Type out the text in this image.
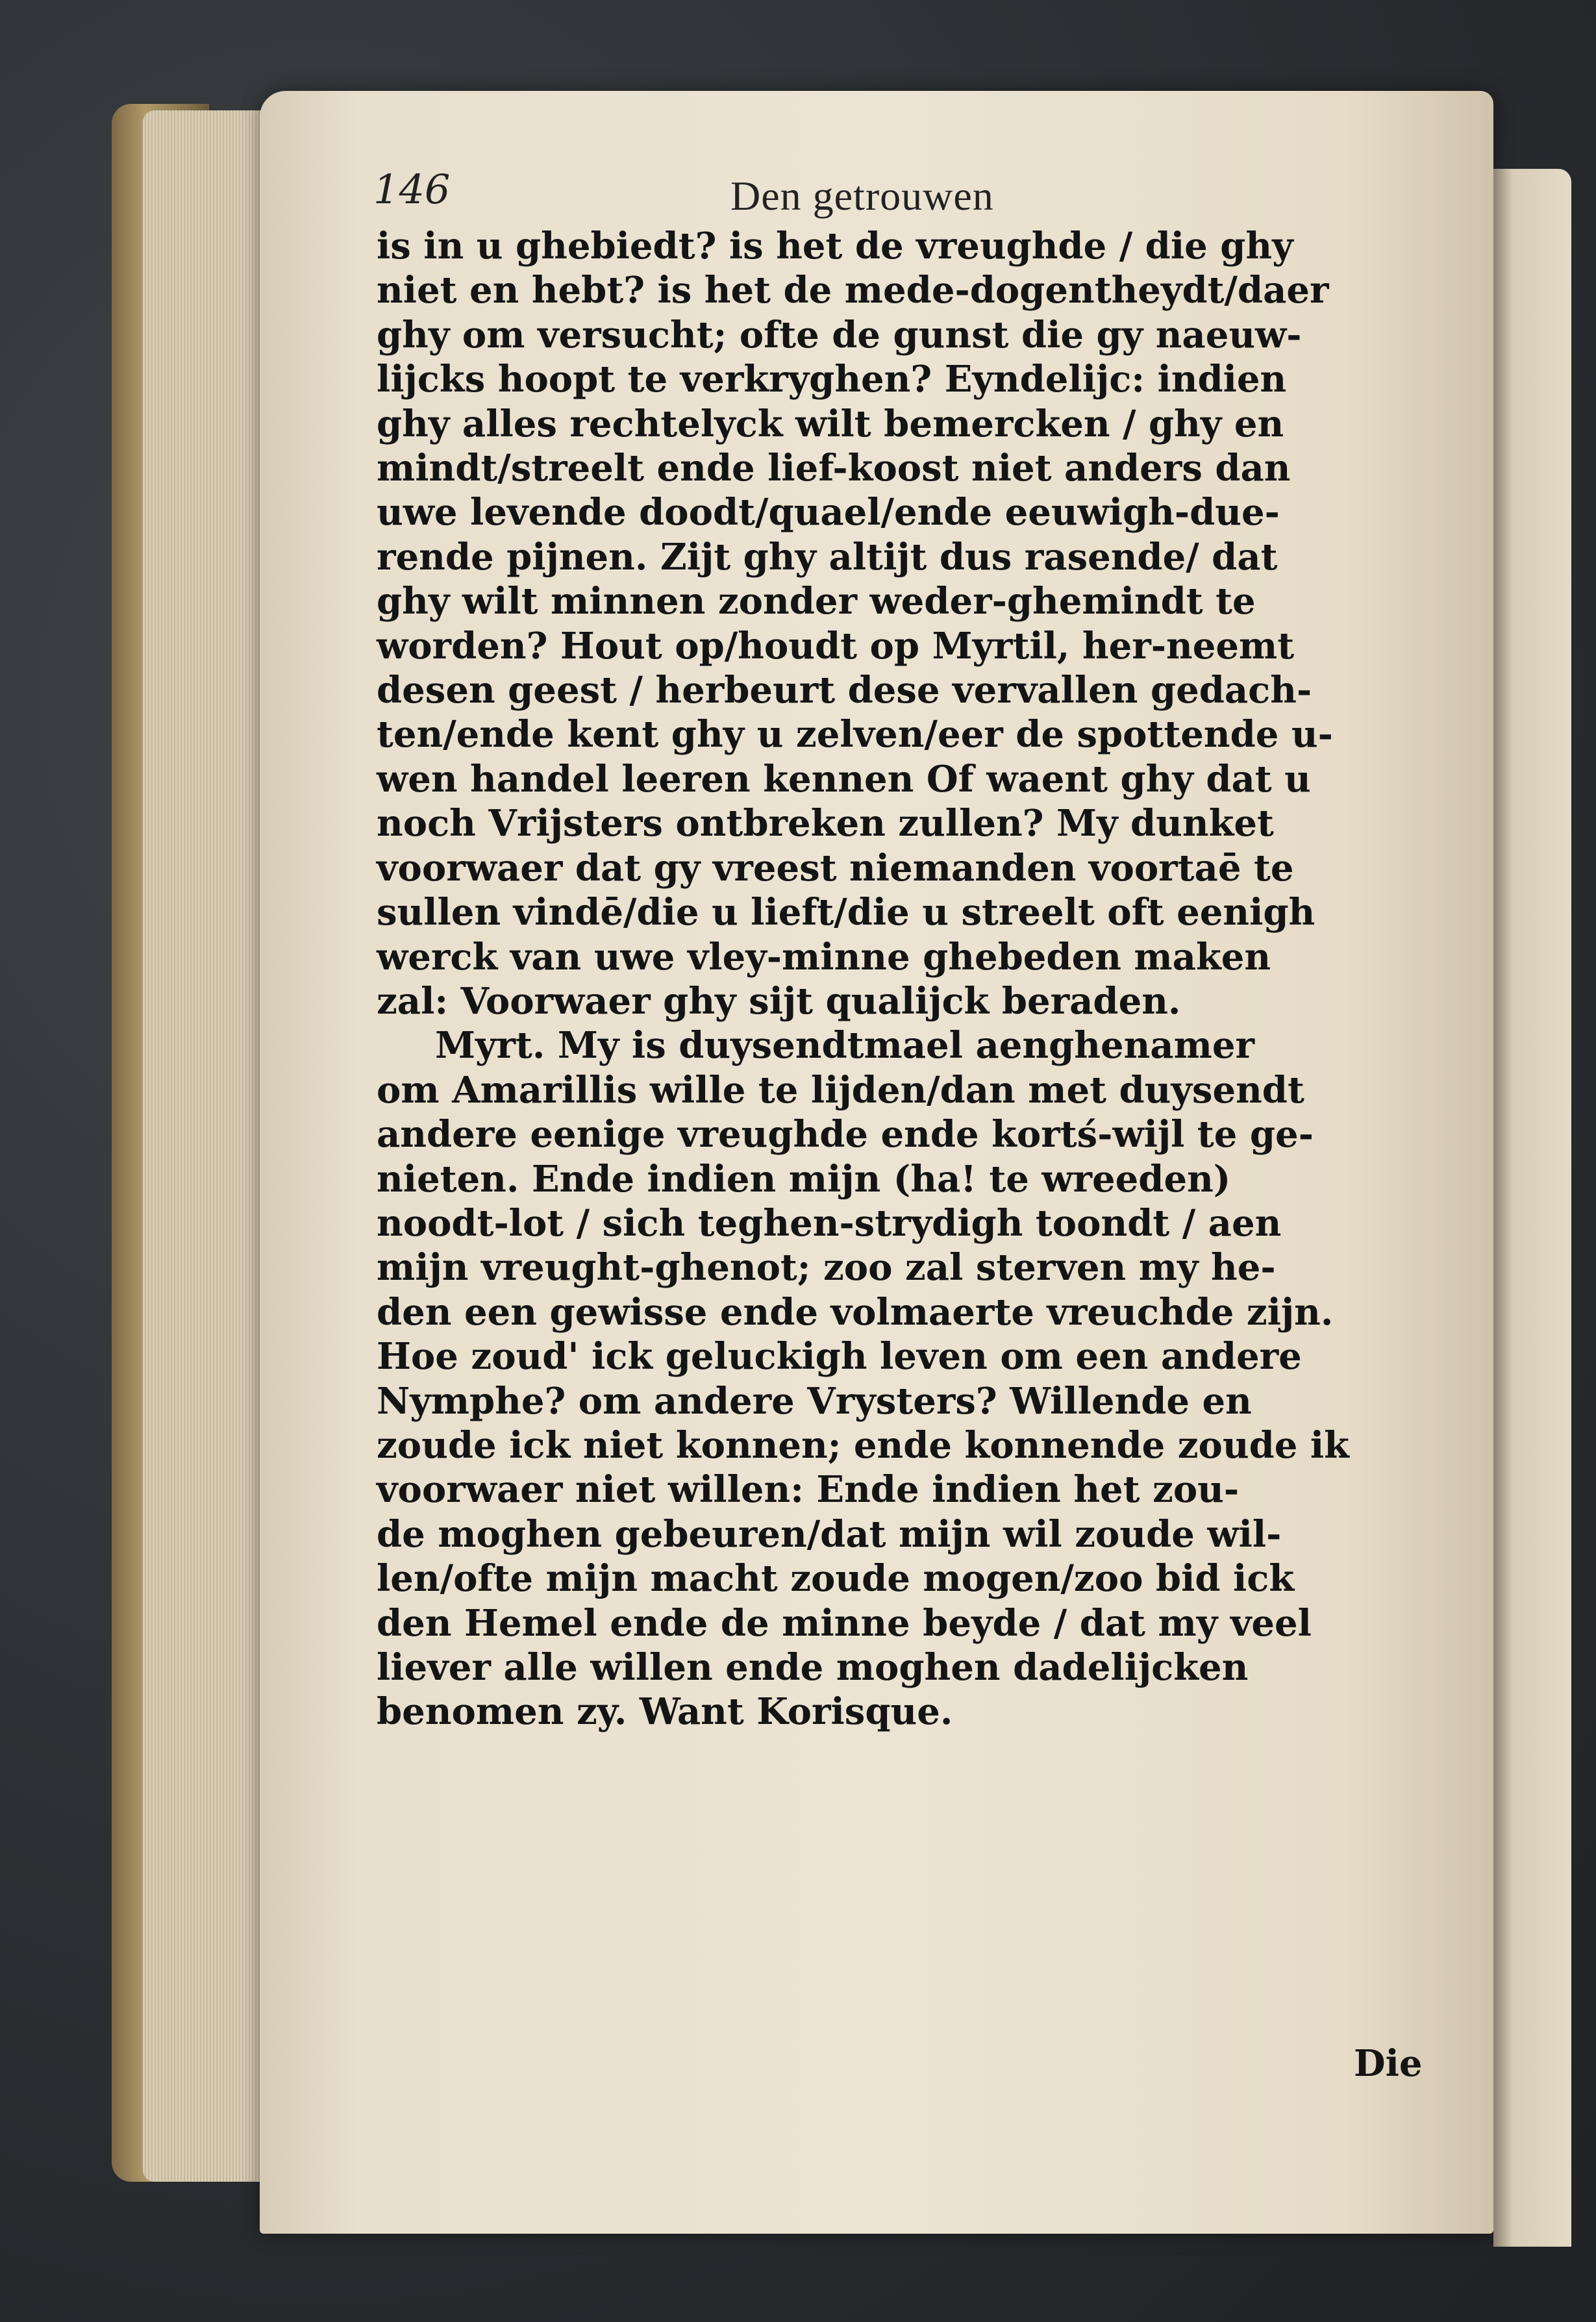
146	Den getrouwen
is in u ghebiedt? is het de vreughde / die ghy
niet en hebt? is het de mede-dogentheydt/daer
ghy om versucht; ofte de gunst die gy naeuw-
lijcks hoopt te verkryghen? Eyndelijc: indien
ghy alles rechtelyck wilt bemercken / ghy en
mindt/streelt ende lief-koost niet anders dan
uwe levende doodt/quael/ende eeuwigh-due-
rende pijnen. Zijt ghy altijt dus rasende/ dat
ghy wilt minnen zonder weder-ghemindt te
worden? Hout op/houdt op Myrtil, her-neemt
desen geest / herbeurt dese vervallen gedach-
ten/ende kent ghy u zelven/eer de spottende u-
wen handel leeren kennen Of waent ghy dat u
noch Vrijsters ontbreken zullen? My dunket
voorwaer dat gy vreest niemanden voortaē te
sullen vindē/die u lieft/die u streelt oft eenigh
werck van uwe vley-minne ghebeden maken
zal: Voorwaer ghy sijt qualijck beraden.
Myrt. My is duysendtmael aenghenamer
om Amarillis wille te lijden/dan met duysendt
andere eenige vreughde ende kortś-wijl te ge-
nieten. Ende indien mijn (ha! te wreeden)
noodt-lot / sich teghen-strydigh toondt / aen
mijn vreught-ghenot; zoo zal sterven my he-
den een gewisse ende volmaerte vreuchde zijn.
Hoe zoud' ick geluckigh leven om een andere
Nymphe? om andere Vrysters? Willende en
zoude ick niet konnen; ende konnende zoude ik
voorwaer niet willen: Ende indien het zou-
de moghen gebeuren/dat mijn wil zoude wil-
len/ofte mijn macht zoude mogen/zoo bid ick
den Hemel ende de minne beyde / dat my veel
liever alle willen ende moghen dadelijcken
benomen zy. Want Korisque.
Die
